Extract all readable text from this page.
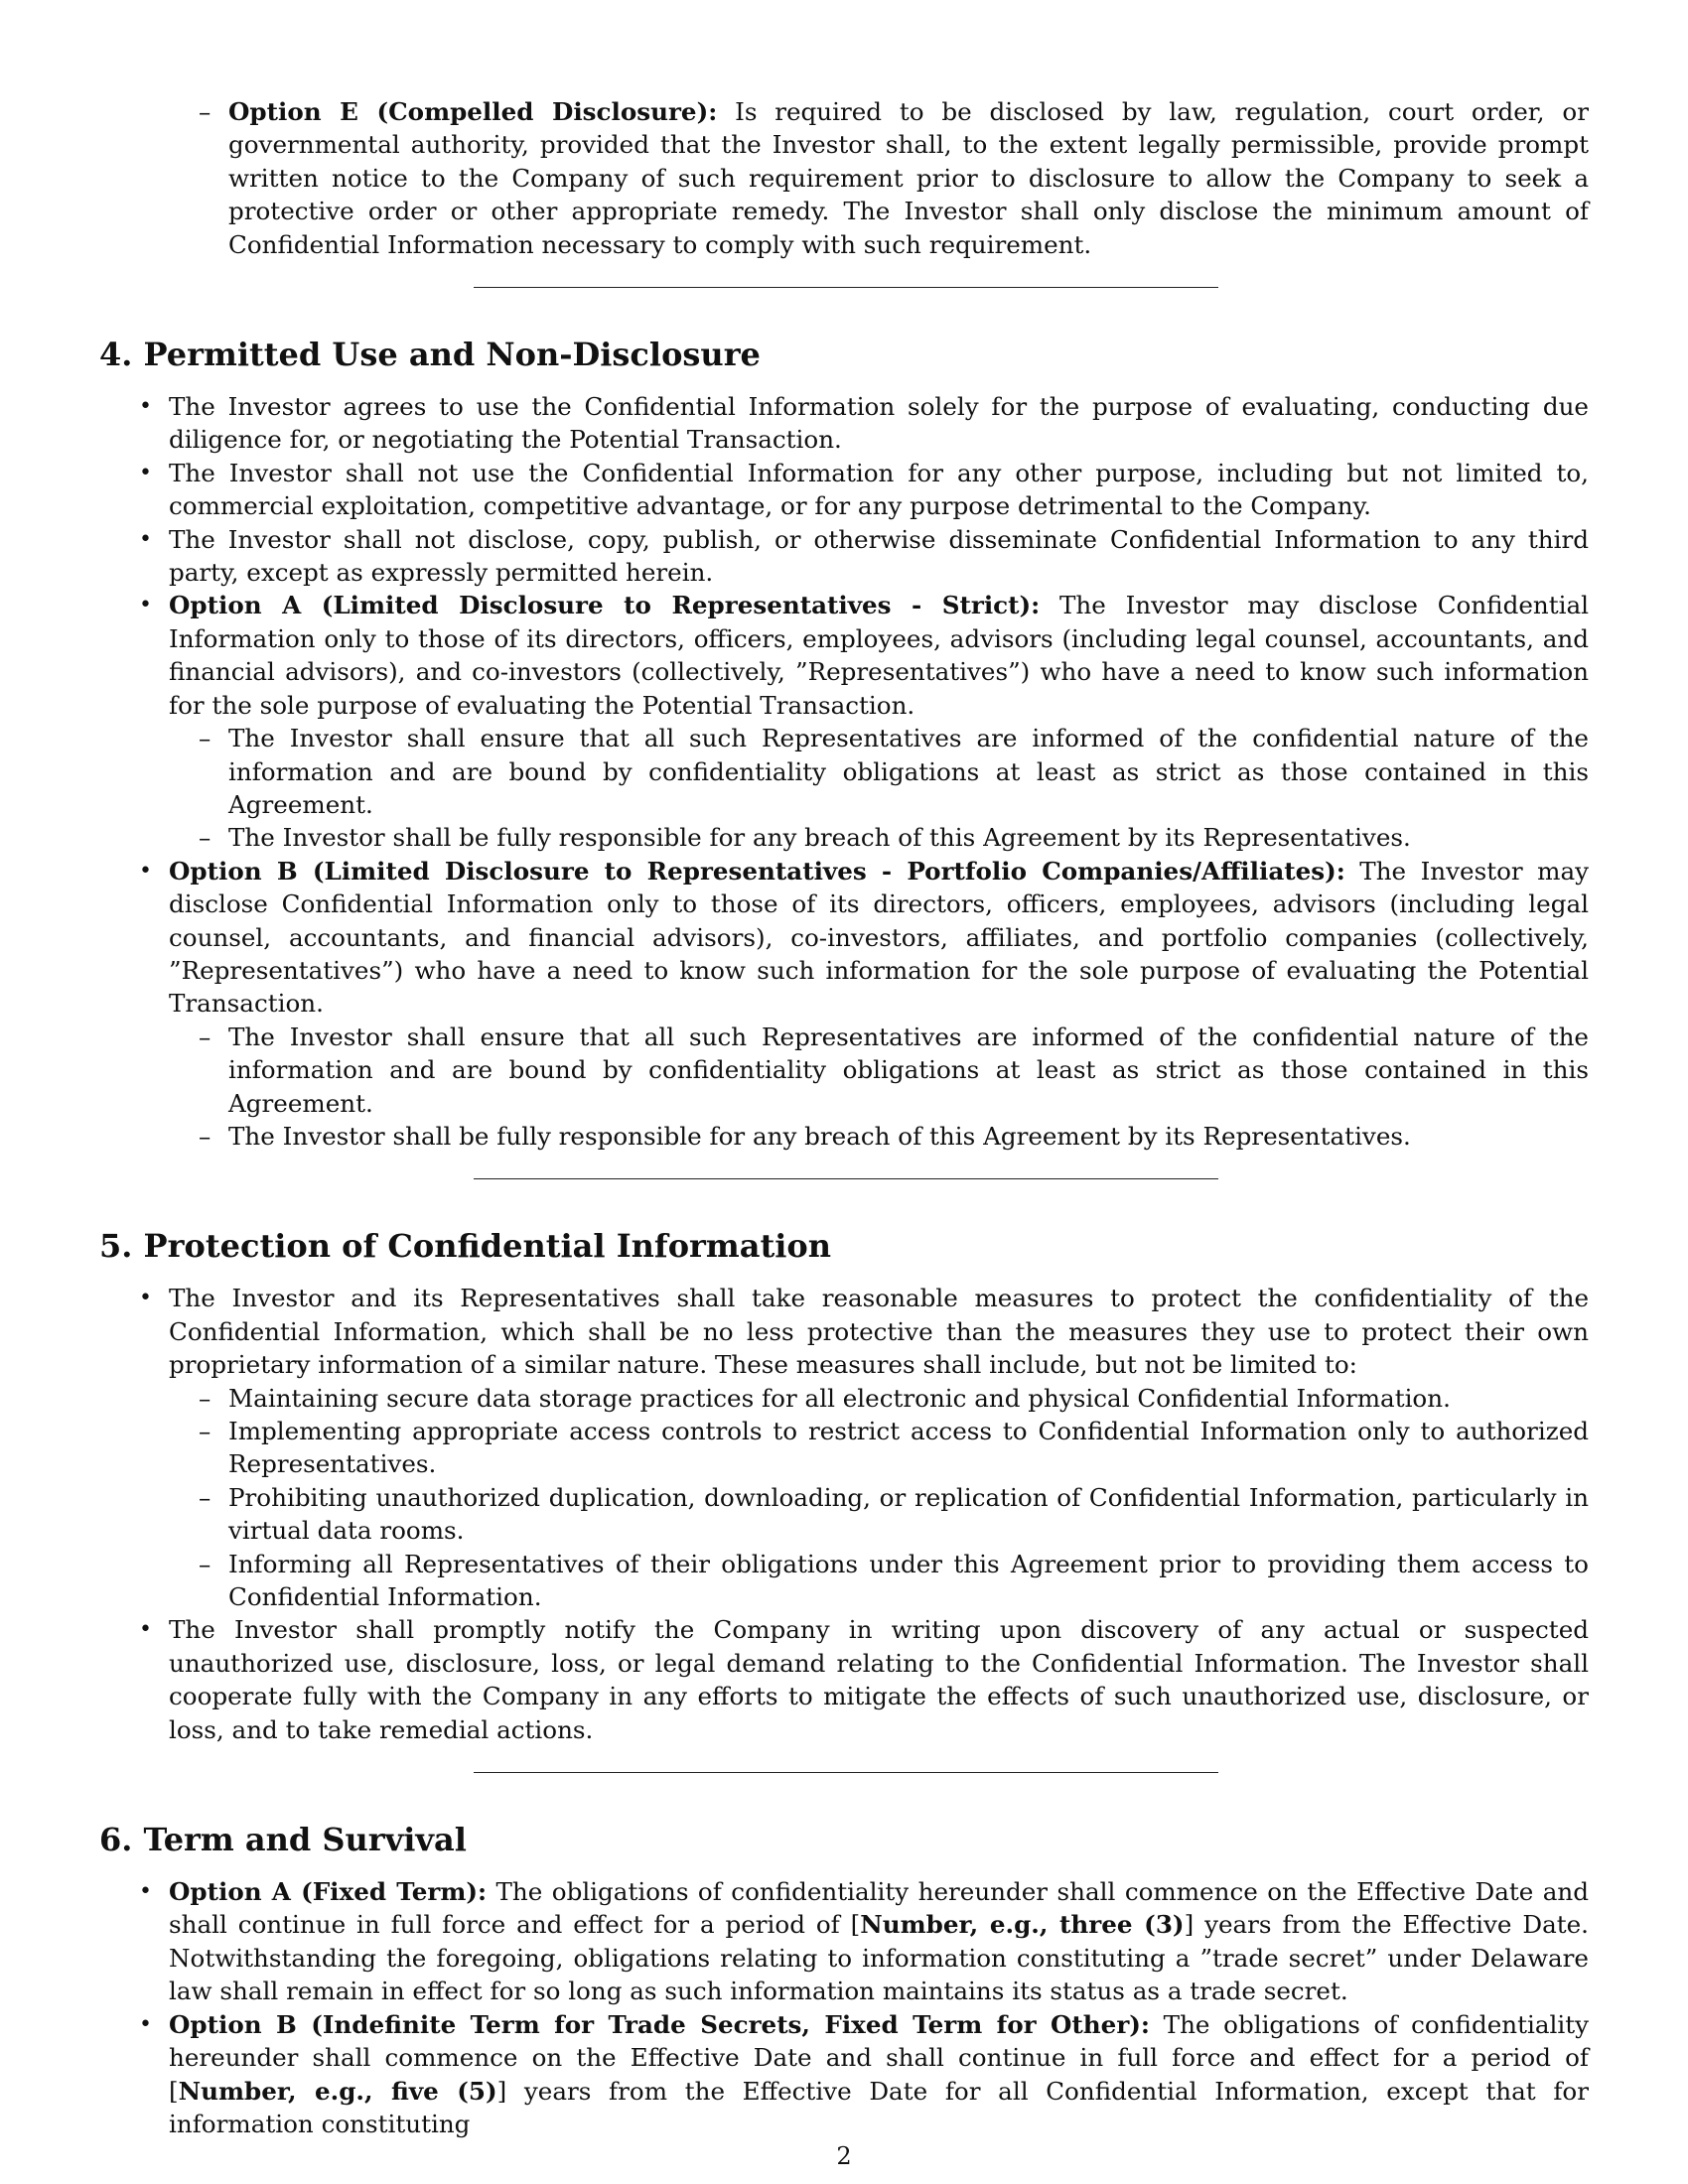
– Option E (Compelled Disclosure): Is required to be disclosed by law, regulation, court order, or governmental authority, provided that the Investor shall, to the extent legally permissible, provide prompt written notice to the Company of such requirement prior to disclosure to allow the Company to seek a protective order or other appropriate remedy. The Investor shall only disclose the minimum amount of Confidential Information necessary to comply with such requirement.

4. Permitted Use and Non-Disclosure

• The Investor agrees to use the Confidential Information solely for the purpose of evaluating, conducting due diligence for, or negotiating the Potential Transaction.

• The Investor shall not use the Confidential Information for any other purpose, including but not limited to, commercial exploitation, competitive advantage, or for any purpose detrimental to the Company.

• The Investor shall not disclose, copy, publish, or otherwise disseminate Confidential Information to any third party, except as expressly permitted herein.

• Option A (Limited Disclosure to Representatives - Strict): The Investor may disclose Confidential Information only to those of its directors, officers, employees, advisors (including legal counsel, accountants, and financial advisors), and co-investors (collectively, ”Representatives”) who have a need to know such information for the sole purpose of evaluating the Potential Transaction.

– The Investor shall ensure that all such Representatives are informed of the confidential nature of the information and are bound by confidentiality obligations at least as strict as those contained in this Agreement.

– The Investor shall be fully responsible for any breach of this Agreement by its Representatives.

• Option B (Limited Disclosure to Representatives - Portfolio Companies/Affiliates): The Investor may disclose Confidential Information only to those of its directors, officers, employees, advisors (including legal counsel, accountants, and financial advisors), co-investors, affiliates, and portfolio companies (collectively, ”Representatives”) who have a need to know such information for the sole purpose of evaluating the Potential Transaction.

– The Investor shall ensure that all such Representatives are informed of the confidential nature of the information and are bound by confidentiality obligations at least as strict as those contained in this Agreement.

– The Investor shall be fully responsible for any breach of this Agreement by its Representatives.

5. Protection of Confidential Information

• The Investor and its Representatives shall take reasonable measures to protect the confidentiality of the Confidential Information, which shall be no less protective than the measures they use to protect their own proprietary information of a similar nature. These measures shall include, but not be limited to:

– Maintaining secure data storage practices for all electronic and physical Confidential Information.

– Implementing appropriate access controls to restrict access to Confidential Information only to authorized Representatives.

– Prohibiting unauthorized duplication, downloading, or replication of Confidential Information, particularly in virtual data rooms.

– Informing all Representatives of their obligations under this Agreement prior to providing them access to Confidential Information.

• The Investor shall promptly notify the Company in writing upon discovery of any actual or suspected unauthorized use, disclosure, loss, or legal demand relating to the Confidential Information. The Investor shall cooperate fully with the Company in any efforts to mitigate the effects of such unauthorized use, disclosure, or loss, and to take remedial actions.

6. Term and Survival

• Option A (Fixed Term): The obligations of confidentiality hereunder shall commence on the Effective Date and shall continue in full force and effect for a period of [Number, e.g., three (3)] years from the Effective Date. Notwithstanding the foregoing, obligations relating to information constituting a ”trade secret” under Delaware law shall remain in effect for so long as such information maintains its status as a trade secret.

• Option B (Indefinite Term for Trade Secrets, Fixed Term for Other): The obligations of confidentiality hereunder shall commence on the Effective Date and shall continue in full force and effect for a period of [Number, e.g., five (5)] years from the Effective Date for all Confidential Information, except that for information constituting

2
